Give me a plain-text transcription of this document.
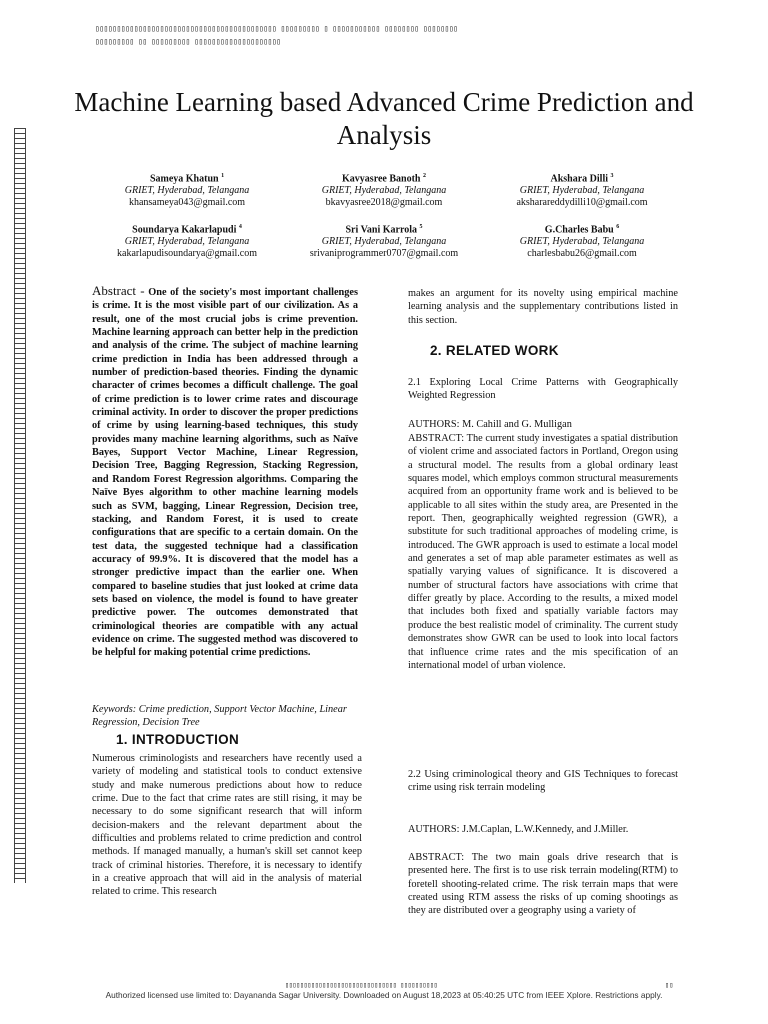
▯▯▯▯▯▯▯▯▯▯▯▯▯▯▯▯▯▯▯▯▯▯▯▯▯▯▯▯▯▯▯▯▯▯▯▯▯▯▯▯▯▯ ▯▯▯▯▯▯▯▯▯ ▯ ▯▯▯▯▯▯▯▯▯▯▯ ▯▯▯▯▯▯▯▯ ▯▯▯▯▯▯▯▯
▯▯▯▯▯▯▯▯▯ ▯▯ ▯▯▯▯▯▯▯▯▯ ▯▯▯▯▯▯▯▯▯▯▯▯▯▯▯▯▯▯▯▯
Machine Learning based Advanced Crime Prediction and Analysis
Sameya Khatun $^1$
GRIET, Hyderabad, Telangana
khansameya043@gmail.com
Kavyasree Banoth $^2$
GRIET, Hyderabad, Telangana
bkavyasree2018@gmail.com
Akshara Dilli $^3$
GRIET, Hyderabad, Telangana
aksharareddydilli10@gmail.com
Soundarya Kakarlapudi $^4$
GRIET, Hyderabad, Telangana
kakarlapudisoundarya@gmail.com
Sri Vani Karrola $^5$
GRIET, Hyderabad, Telangana
srivaniprogrammer0707@gmail.com
G.Charles Babu $^6$
GRIET, Hyderabad, Telangana
charlesbabu26@gmail.com
Abstract - One of the society's most important challenges is crime. It is the most visible part of our civilization. As a result, one of the most crucial jobs is crime prevention. Machine learning approach can better help in the prediction and analysis of the crime. The subject of machine learning crime prediction in India has been addressed through a number of prediction-based theories. Finding the dynamic character of crimes becomes a difficult challenge. The goal of crime prediction is to lower crime rates and discourage criminal activity. In order to discover the proper predictions of crime by using learning-based techniques, this study provides many machine learning algorithms, such as Naïve Bayes, Support Vector Machine, Linear Regression, Decision Tree, Bagging Regression, Stacking Regression, and Random Forest Regression algorithms. Comparing the Naïve Byes algorithm to other machine learning models such as SVM, bagging, Linear Regression, Decision tree, stacking, and Random Forest, it is used to create configurations that are specific to a certain domain. On the test data, the suggested technique had a classification accuracy of 99.9%. It is discovered that the model has a stronger predictive impact than the earlier one. When compared to baseline studies that just looked at crime data sets based on violence, the model is found to have greater predictive power. The outcomes demonstrated that criminological theories are compatible with any actual evidence on crime. The suggested method was discovered to be helpful for making potential crime predictions.
Keywords: Crime prediction, Support Vector Machine, Linear Regression, Decision Tree
1. INTRODUCTION
Numerous criminologists and researchers have recently used a variety of modeling and statistical tools to conduct extensive study and make numerous predictions about how to reduce crime. Due to the fact that crime rates are still rising, it may be necessary to do some significant research that will inform decision-makers and the relevant department about the difficulties and problems related to crime prediction and control methods. If managed manually, a human's skill set cannot keep track of criminal histories. Therefore, it is necessary to identify in a creative approach that will aid in the analysis of material related to crime. This research
makes an argument for its novelty using empirical machine learning analysis and the supplementary contributions listed in this section.
2. RELATED WORK
2.1 Exploring Local Crime Patterns with Geographically Weighted Regression
AUTHORS: M. Cahill and G. Mulligan
ABSTRACT: The current study investigates a spatial distribution of violent crime and associated factors in Portland, Oregon using a structural model. The results from a global ordinary least squares model, which employs common structural measurements acquired from an opportunity frame work and is believed to be applicable to all sites within the study area, are Presented in the report. Then, geographically weighted regression (GWR), a substitute for such traditional approaches of modeling crime, is introduced. The GWR approach is used to estimate a local model and generates a set of map able parameter estimates as well as spatially varying values of significance. It is discovered a number of structural factors have associations with crime that differ greatly by place. According to the results, a mixed model that includes both fixed and spatially variable factors may produce the best realistic model of criminality. The current study demonstrates show GWR can be used to look into local factors that influence crime rates and the mis specification of an international model of urban violence.
2.2 Using criminological theory and GIS Techniques to forecast crime using risk terrain modeling
AUTHORS: J.M.Caplan, L.W.Kennedy, and J.Miller.
ABSTRACT: The two main goals drive research that is presented here. The first is to use risk terrain modeling(RTM) to foretell shooting-related crime. The risk terrain maps that were created using RTM assess the risks of up coming shootings as they are distributed over a geography using a variety of
▯▯▯▯▯▯▯▯▯▯▯▯▯▯▯▯▯▯▯▯▯▯▯▯▯▯▯▯▯▯ ▯▯▯▯▯▯▯▯▯▯	▯▯
Authorized licensed use limited to: Dayananda Sagar University. Downloaded on August 18,2023 at 05:40:25 UTC from IEEE Xplore. Restrictions apply.
